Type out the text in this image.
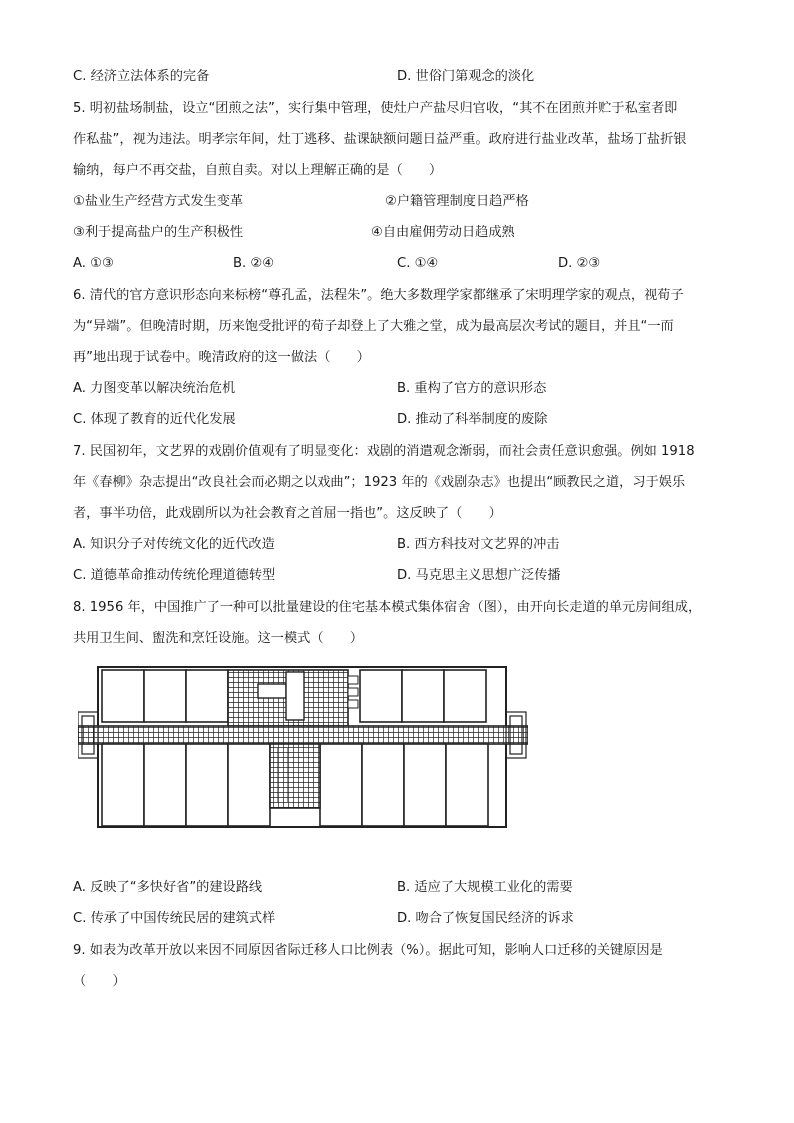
C. 经济立法体系的完备	D. 世俗门第观念的淡化
5. 明初盐场制盐，设立“团煎之法”，实行集中管理，使灶户产盐尽归官收，“其不在团煎并贮于私室者即
作私盐”，视为违法。明孝宗年间，灶丁逃移、盐课缺额问题日益严重。政府进行盐业改革，盐场丁盐折银
输纳，每户不再交盐，自煎自卖。对以上理解正确的是（　　）
①盐业生产经营方式发生变革	②户籍管理制度日趋严格
③利于提高盐户的生产积极性	④自由雇佣劳动日趋成熟
A. ①③	B. ②④	C. ①④	D. ②③
6. 清代的官方意识形态向来标榜“尊孔孟，法程朱”。绝大多数理学家都继承了宋明理学家的观点，视荀子
为“异端”。但晚清时期，历来饱受批评的荀子却登上了大雅之堂，成为最高层次考试的题目，并且“一而
再”地出现于试卷中。晚清政府的这一做法（　　）
A. 力图变革以解决统治危机	B. 重构了官方的意识形态
C. 体现了教育的近代化发展	D. 推动了科举制度的废除
7. 民国初年，文艺界的戏剧价值观有了明显变化：戏剧的消遣观念渐弱，而社会责任意识愈强。例如 1918
年《春柳》杂志提出“改良社会而必期之以戏曲”；1923 年的《戏剧杂志》也提出“顾教民之道，习于娱乐
者，事半功倍，此戏剧所以为社会教育之首屈一指也”。这反映了（　　）
A. 知识分子对传统文化的近代改造	B. 西方科技对文艺界的冲击
C. 道德革命推动传统伦理道德转型	D. 马克思主义思想广泛传播
8. 1956 年，中国推广了一种可以批量建设的住宅基本模式集体宿舍（图），由开向长走道的单元房间组成，
共用卫生间、盥洗和烹饪设施。这一模式（　　）
A. 反映了“多快好省”的建设路线	B. 适应了大规模工业化的需要
C. 传承了中国传统民居的建筑式样	D. 吻合了恢复国民经济的诉求
9. 如表为改革开放以来因不同原因省际迁移人口比例表（%）。据此可知，影响人口迁移的关键原因是
（　　）
